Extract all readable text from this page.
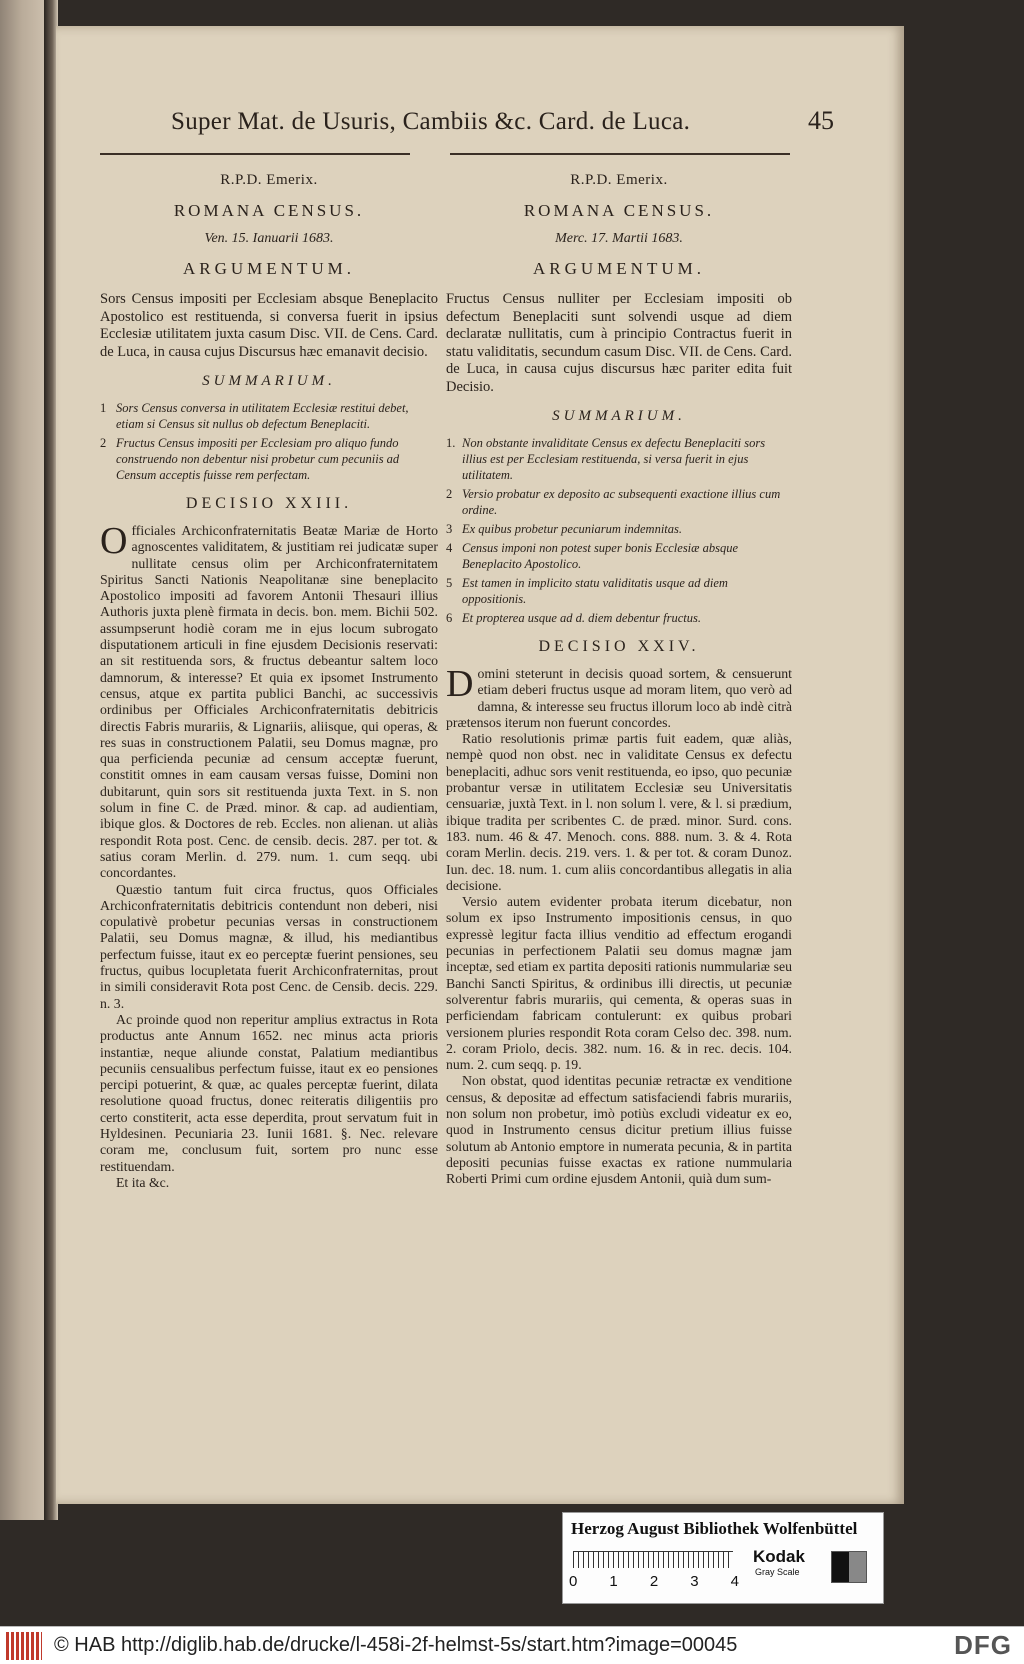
Super Mat. de Usuris, Cambiis &c. Card. de Luca.	45
R.P.D. Emerix.
ROMANA CENSUS.
Ven. 15. Ianuarii 1683.
ARGUMENTUM.

Sors Census impositi per Ecclesiam absque Beneplacito Apostolico est restituenda, si conversa fuerit in ipsius Ecclesiæ utilitatem juxta casum Disc. VII. de Cens. Card. de Luca, in causa cujus Discursus hæc emanavit decisio.

SUMMARIUM.
1 Sors Census conversa in utilitatem Ecclesiæ restitui debet, etiam si Census sit nullus ob defectum Beneplaciti.
2 Fructus Census impositi per Ecclesiam pro aliquo fundo construendo non debentur nisi probetur cum pecuniis ad Censum acceptis fuisse rem perfectam.
DECISIO XXIII.

Officiales Archiconfraternitatis Beatæ Mariæ de Horto agnoscentes validitatem, & justitiam rei judicatæ super nullitate census olim per Archiconfraternitatem Spiritus Sancti Nationis Neapolitanæ sine beneplacito Apostolico impositi ad favorem Antonii Thesauri illius Authoris juxta plenè firmata in decis. bon. mem. Bichii 502. assumpserunt hodiè coram me in ejus locum subrogato disputationem articuli in fine ejusdem Decisionis reservati: an sit restituenda sors, & fructus debeantur saltem loco damnorum, & interesse? Et quia ex ipsomet Instrumento census, atque ex partita publici Banchi, ac successivis ordinibus per Officiales Archiconfraternitatis debitricis directis Fabris murariis, & Lignariis, aliisque, qui operas, & res suas in constructionem Palatii, seu Domus magnæ, pro qua perficienda pecuniæ ad censum acceptæ fuerunt, constitit omnes in eam causam versas fuisse, Domini non dubitarunt, quin sors sit restituenda juxta Text. in S. non solum in fine C. de Præd. minor. & cap. ad audientiam, ibique glos. & Doctores de reb. Eccles. non alienan. ut aliàs respondit Rota post. Cenc. de censib. decis. 287. per tot. & satius coram Merlin. d. 279. num. 1. cum seqq. ubi concordantes.

Quæstio tantum fuit circa fructus, quos Officiales Archiconfraternitatis debitricis contendunt non deberi, nisi copulativè probetur pecunias versas in constructionem Palatii, seu Domus magnæ, & illud, his mediantibus perfectum fuisse, itaut ex eo perceptæ fuerint pensiones, seu fructus, quibus locupletata fuerit Archiconfraternitas, prout in simili consideravit Rota post Cenc. de Censib. decis. 229. n. 3.

Ac proinde quod non reperitur amplius extractus in Rota productus ante Annum 1652. nec minus acta prioris instantiæ, neque aliunde constat, Palatium mediantibus pecuniis censualibus perfectum fuisse, itaut ex eo pensiones percipi potuerint, & quæ, ac quales perceptæ fuerint, dilata resolutione quoad fructus, donec reiteratis diligentiis pro certo constiterit, acta esse deperdita, prout servatum fuit in Hyldesinen. Pecuniaria 23. Iunii 1681. §. Nec. relevare coram me, conclusum fuit, sortem pro nunc esse restituendam.

Et ita &c.

R.P.D. Emerix.
ROMANA CENSUS.
Merc. 17. Martii 1683.
ARGUMENTUM.

Fructus Census nulliter per Ecclesiam impositi ob defectum Beneplaciti sunt solvendi usque ad diem declaratæ nullitatis, cum à principio Contractus fuerit in statu validitatis, secundum casum Disc. VII. de Cens. Card. de Luca, in causa cujus discursus hæc pariter edita fuit Decisio.

SUMMARIUM.
1. Non obstante invaliditate Census ex defectu Beneplaciti sors illius est per Ecclesiam restituenda, si versa fuerit in ejus utilitatem.
2 Versio probatur ex deposito ac subsequenti exactione illius cum ordine.
3 Ex quibus probetur pecuniarum indemnitas.
4 Census imponi non potest super bonis Ecclesiæ absque Beneplacito Apostolico.
5 Est tamen in implicito statu validitatis usque ad diem oppositionis.
6 Et propterea usque ad d. diem debentur fructus.
DECISIO XXIV.

Domini steterunt in decisis quoad sortem, & censuerunt etiam deberi fructus usque ad moram litem, quo verò ad damna, & interesse seu fructus illorum loco ab indè citrà prætensos iterum non fuerunt concordes.

Ratio resolutionis primæ partis fuit eadem, quæ aliàs, nempè quod non obst. nec in validitate Census ex defectu beneplaciti, adhuc sors venit restituenda, eo ipso, quo pecuniæ probantur versæ in utilitatem Ecclesiæ seu Universitatis censuariæ, juxtà Text. in l. non solum l. vere, & l. si prædium, ibique tradita per scribentes C. de præd. minor. Surd. cons. 183. num. 46 & 47. Menoch. cons. 888. num. 3. & 4. Rota coram Merlin. decis. 219. vers. 1. & per tot. & coram Dunoz. Iun. dec. 18. num. 1. cum aliis concordantibus allegatis in alia decisione.

Versio autem evidenter probata iterum dicebatur, non solum ex ipso Instrumento impositionis census, in quo expressè legitur facta illius venditio ad effectum erogandi pecunias in perfectionem Palatii seu domus magnæ jam inceptæ, sed etiam ex partita depositi rationis nummulariæ seu Banchi Sancti Spiritus, & ordinibus illi directis, ut pecuniæ solverentur fabris murariis, qui cementa, & operas suas in perficiendam fabricam contulerunt: ex quibus probari versionem pluries respondit Rota coram Celso dec. 398. num. 2. coram Priolo, decis. 382. num. 16. & in rec. decis. 104. num. 2. cum seqq. p. 19.

Non obstat, quod identitas pecuniæ retractæ ex venditione census, & depositæ ad effectum satisfaciendi fabris murariis, non solum non probetur, imò potiùs excludi videatur ex eo, quod in Instrumento census dicitur pretium illius fuisse solutum ab Antonio emptore in numerata pecunia, & in partita depositi pecunias fuisse exactas ex ratione nummularia Roberti Primi cum ordine ejusdem Antonii, quià dum sum-

Herzog August Bibliothek Wolfenbüttel
0 1 2 3 4
Kodak
Gray Scale
© HAB http://diglib.hab.de/drucke/l-458i-2f-helmst-5s/start.htm?image=00045	DFG
